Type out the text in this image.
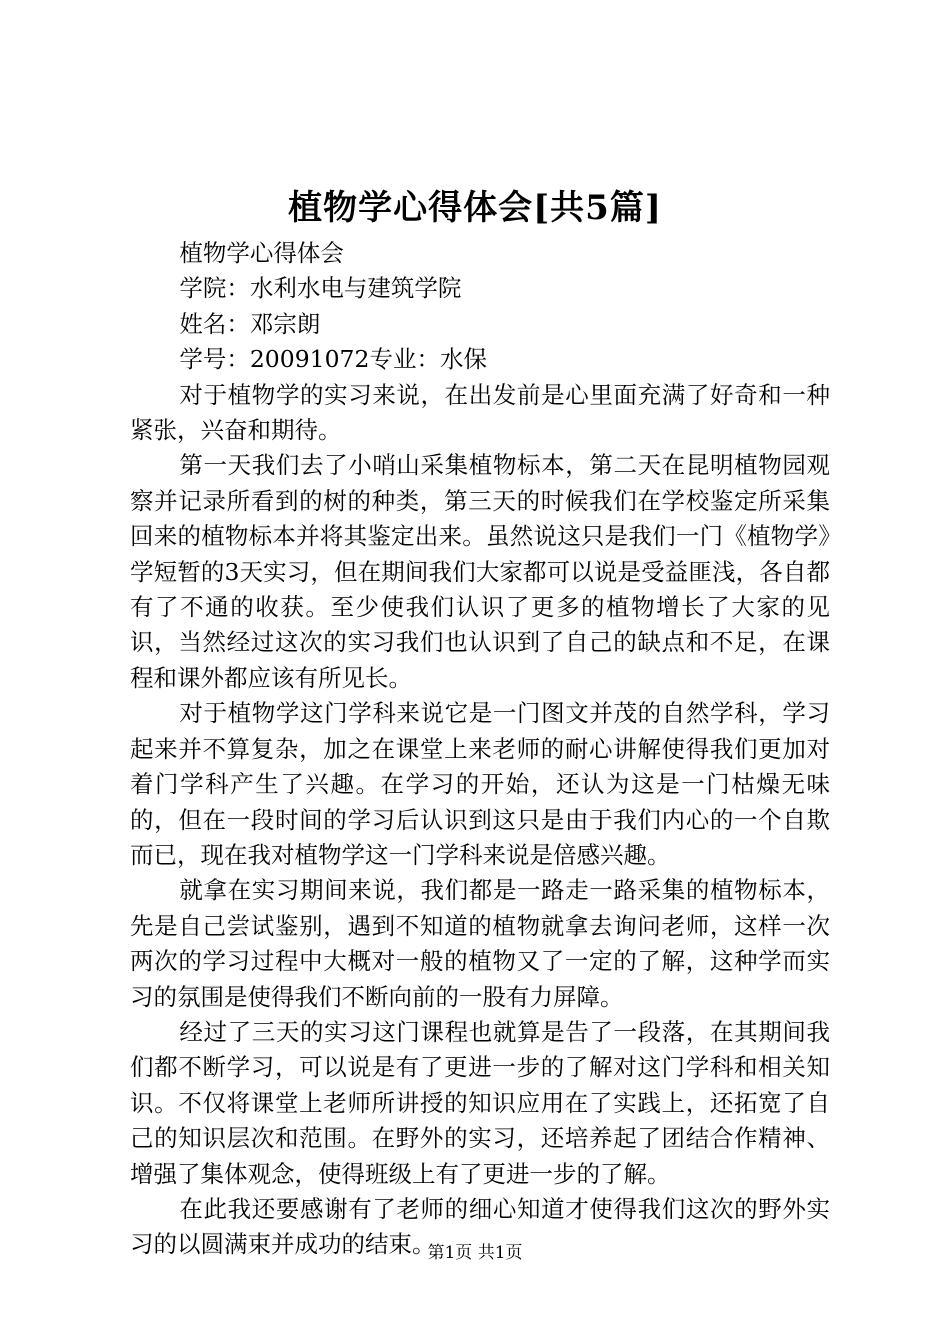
植物学心得体会[共5篇]

植物学心得体会

学院：水利水电与建筑学院

姓名：邓宗朗

学号：20091072专业：水保

对于植物学的实习来说，在出发前是心里面充满了好奇和一种紧张，兴奋和期待。

第一天我们去了小哨山采集植物标本，第二天在昆明植物园观察并记录所看到的树的种类，第三天的时候我们在学校鉴定所采集回来的植物标本并将其鉴定出来。虽然说这只是我们一门《植物学》学短暂的3天实习，但在期间我们大家都可以说是受益匪浅，各自都有了不通的收获。至少使我们认识了更多的植物增长了大家的见识，当然经过这次的实习我们也认识到了自己的缺点和不足，在课程和课外都应该有所见长。

对于植物学这门学科来说它是一门图文并茂的自然学科，学习起来并不算复杂，加之在课堂上来老师的耐心讲解使得我们更加对着门学科产生了兴趣。在学习的开始，还认为这是一门枯燥无味的，但在一段时间的学习后认识到这只是由于我们内心的一个自欺而已，现在我对植物学这一门学科来说是倍感兴趣。

就拿在实习期间来说，我们都是一路走一路采集的植物标本，先是自己尝试鉴别，遇到不知道的植物就拿去询问老师，这样一次两次的学习过程中大概对一般的植物又了一定的了解，这种学而实习的氛围是使得我们不断向前的一股有力屏障。

经过了三天的实习这门课程也就算是告了一段落，在其期间我们都不断学习，可以说是有了更进一步的了解对这门学科和相关知识。不仅将课堂上老师所讲授的知识应用在了实践上，还拓宽了自己的知识层次和范围。在野外的实习，还培养起了团结合作精神、增强了集体观念，使得班级上有了更进一步的了解。

在此我还要感谢有了老师的细心知道才使得我们这次的野外实习的以圆满束并成功的结束。

第1页 共1页
